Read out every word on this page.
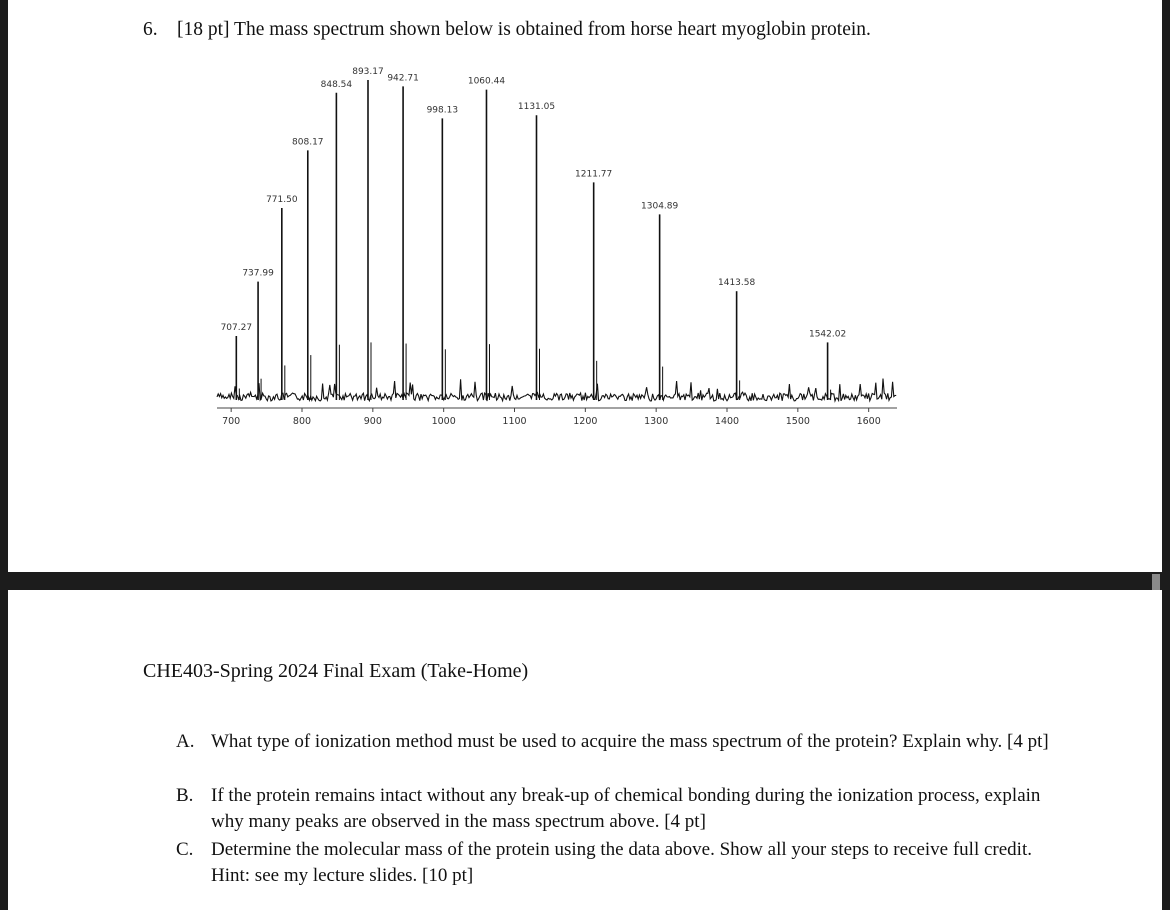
6. [18 pt] The mass spectrum shown below is obtained from horse heart myoglobin protein.
700	800	900	1000	1100	1200	1300	1400	1500	1600
707.27
737.99
771.50
808.17
848.54
893.17
942.71
998.13
1060.44
1131.05
1211.77
1304.89
1413.58
1542.02
CHE403-Spring 2024 Final Exam (Take-Home)
A. What type of ionization method must be used to acquire the mass spectrum of the protein? Explain why. [4 pt]
B. If the protein remains intact without any break-up of chemical bonding during the ionization process, explain why many peaks are observed in the mass spectrum above. [4 pt]
C. Determine the molecular mass of the protein using the data above. Show all your steps to receive full credit. Hint: see my lecture slides. [10 pt]
